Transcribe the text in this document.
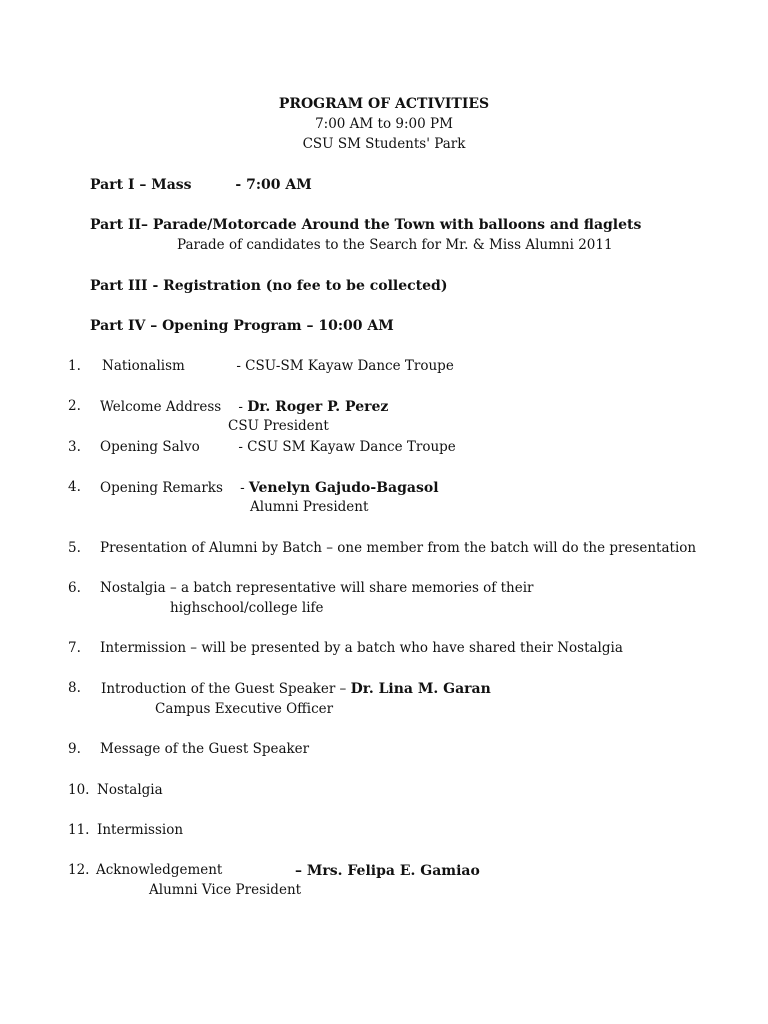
PROGRAM OF ACTIVITIES
7:00 AM to 9:00 PM
CSU SM Students' Park
Part I – Mass         - 7:00 AM
Part II– Parade/Motorcade Around the Town with balloons and flaglets
Parade of candidates to the Search for Mr. & Miss Alumni 2011
Part III - Registration (no fee to be collected)
Part IV – Opening Program – 10:00 AM
1. Nationalism            - CSU-SM Kayaw Dance Troupe
2. Welcome Address    - Dr. Roger P. Perez
CSU President
3. Opening Salvo         - CSU SM Kayaw Dance Troupe
4. Opening Remarks    - Venelyn Gajudo-Bagasol
Alumni President
5. Presentation of Alumni by Batch – one member from the batch will do the presentation
6. Nostalgia – a batch representative will share memories of their
highschool/college life
7. Intermission – will be presented by a batch who have shared their Nostalgia
8. Introduction of the Guest Speaker – Dr. Lina M. Garan
Campus Executive Officer
9. Message of the Guest Speaker
10. Nostalgia
11. Intermission
12. Acknowledgement	– Mrs. Felipa E. Gamiao
Alumni Vice President
